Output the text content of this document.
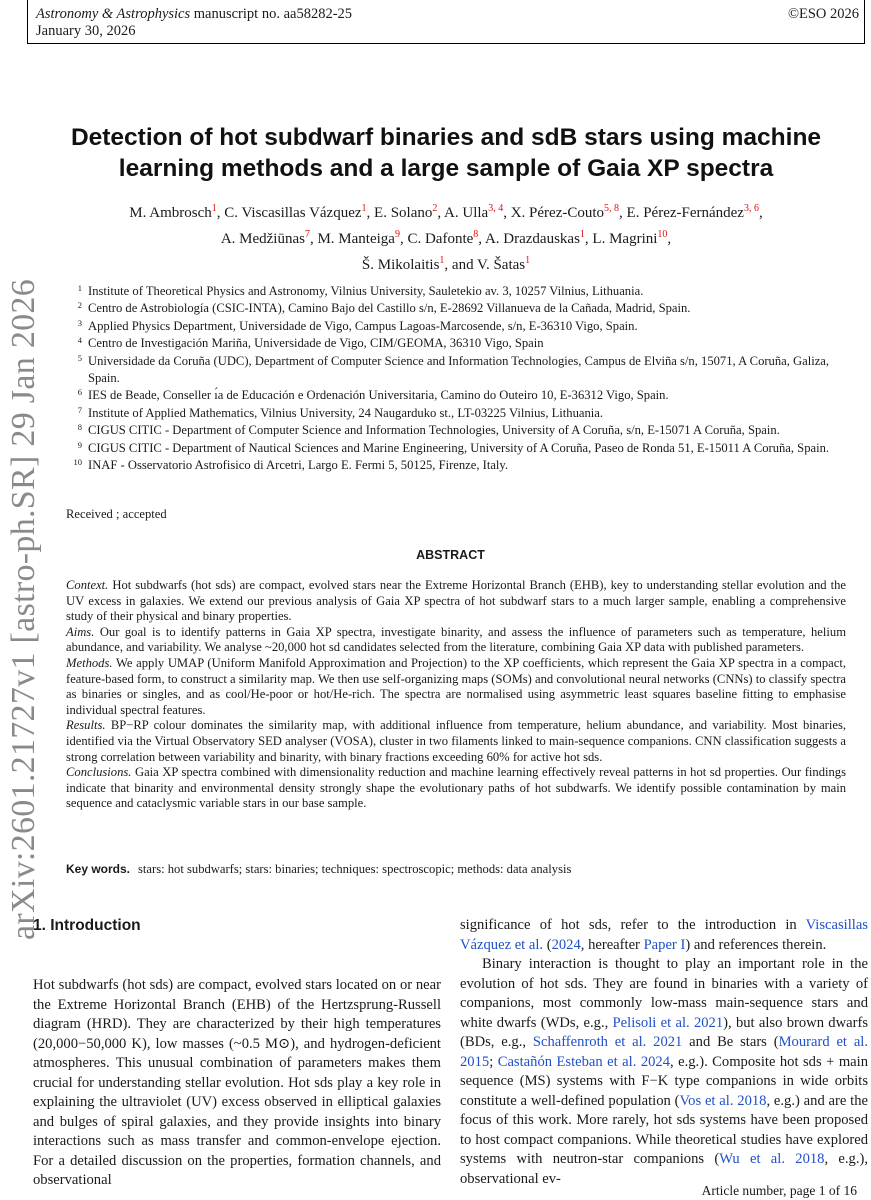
Astronomy & Astrophysics manuscript no. aa58282-25
January 30, 2026
©ESO 2026
arXiv:2601.21727v1 [astro-ph.SR] 29 Jan 2026
Detection of hot subdwarf binaries and sdB stars using machine
learning methods and a large sample of Gaia XP spectra
M. Ambrosch$^1$, C. Viscasillas Vázquez$^1$, E. Solano$^2$, A. Ulla$^{3, 4}$, X. Pérez-Couto$^{5, 8}$, E. Pérez-Fernández$^{3, 6}$,
A. Medžiūnas$^7$, M. Manteiga$^9$, C. Dafonte$^8$, A. Drazdauskas$^1$, L. Magrini$^{10}$,
Š. Mikolaitis$^1$, and V. Šatas$^1$
1 Institute of Theoretical Physics and Astronomy, Vilnius University, Sauletekio av. 3, 10257 Vilnius, Lithuania.
2 Centro de Astrobiología (CSIC-INTA), Camino Bajo del Castillo s/n, E-28692 Villanueva de la Cañada, Madrid, Spain.
3 Applied Physics Department, Universidade de Vigo, Campus Lagoas-Marcosende, s/n, E-36310 Vigo, Spain.
4 Centro de Investigación Mariña, Universidade de Vigo, CIM/GEOMA, 36310 Vigo, Spain
5 Universidade da Coruña (UDC), Department of Computer Science and Information Technologies, Campus de Elviña s/n, 15071, A Coruña, Galiza, Spain.
6 IES de Beade, Conseller ı́a de Educación e Ordenación Universitaria, Camino do Outeiro 10, E-36312 Vigo, Spain.
7 Institute of Applied Mathematics, Vilnius University, 24 Naugarduko st., LT-03225 Vilnius, Lithuania.
8 CIGUS CITIC - Department of Computer Science and Information Technologies, University of A Coruña, s/n, E-15071 A Coruña, Spain.
9 CIGUS CITIC - Department of Nautical Sciences and Marine Engineering, University of A Coruña, Paseo de Ronda 51, E-15011 A Coruña, Spain.
10 INAF - Osservatorio Astrofisico di Arcetri, Largo E. Fermi 5, 50125, Firenze, Italy.
Received ; accepted
ABSTRACT

Context. Hot subdwarfs (hot sds) are compact, evolved stars near the Extreme Horizontal Branch (EHB), key to understanding stellar evolution and the UV excess in galaxies. We extend our previous analysis of Gaia XP spectra of hot subdwarf stars to a much larger sample, enabling a comprehensive study of their physical and binary properties.

Aims. Our goal is to identify patterns in Gaia XP spectra, investigate binarity, and assess the influence of parameters such as temperature, helium abundance, and variability. We analyse ~20,000 hot sd candidates selected from the literature, combining Gaia XP data with published parameters.

Methods. We apply UMAP (Uniform Manifold Approximation and Projection) to the XP coefficients, which represent the Gaia XP spectra in a compact, feature-based form, to construct a similarity map. We then use self-organizing maps (SOMs) and convolutional neural networks (CNNs) to classify spectra as binaries or singles, and as cool/He-poor or hot/He-rich. The spectra are normalised using asymmetric least squares baseline fitting to emphasise individual spectral features.

Results. BP−RP colour dominates the similarity map, with additional influence from temperature, helium abundance, and variability. Most binaries, identified via the Virtual Observatory SED analyser (VOSA), cluster in two filaments linked to main-sequence companions. CNN classification suggests a strong correlation between variability and binarity, with binary fractions exceeding 60% for active hot sds.

Conclusions. Gaia XP spectra combined with dimensionality reduction and machine learning effectively reveal patterns in hot sd properties. Our findings indicate that binarity and environmental density strongly shape the evolutionary paths of hot subdwarfs. We identify possible contamination by main sequence and cataclysmic variable stars in our base sample.

Key words. stars: hot subdwarfs; stars: binaries; techniques: spectroscopic; methods: data analysis
1. Introduction

Hot subdwarfs (hot sds) are compact, evolved stars located on or near the Extreme Horizontal Branch (EHB) of the Hertzsprung-Russell diagram (HRD). They are characterized by their high temperatures (20,000−50,000 K), low masses (~0.5 M⊙), and hydrogen-deficient atmospheres. This unusual combination of parameters makes them crucial for understanding stellar evolution. Hot sds play a key role in explaining the ultraviolet (UV) excess observed in elliptical galaxies and bulges of spiral galaxies, and they provide insights into binary interactions such as mass transfer and common-envelope ejection. For a detailed discussion on the properties, formation channels, and observational

significance of hot sds, refer to the introduction in Viscasillas Vázquez et al. (2024, hereafter Paper I) and references therein.

Binary interaction is thought to play an important role in the evolution of hot sds. They are found in binaries with a variety of companions, most commonly low-mass main-sequence stars and white dwarfs (WDs, e.g., Pelisoli et al. 2021), but also brown dwarfs (BDs, e.g., Schaffenroth et al. 2021 and Be stars (Mourard et al. 2015; Castañón Esteban et al. 2024, e.g.). Composite hot sds + main sequence (MS) systems with F−K type companions in wide orbits constitute a well-defined population (Vos et al. 2018, e.g.) and are the focus of this work. More rarely, hot sds systems have been proposed to host compact companions. While theoretical studies have explored systems with neutron-star companions (Wu et al. 2018, e.g.), observational ev-

Article number, page 1 of 16
